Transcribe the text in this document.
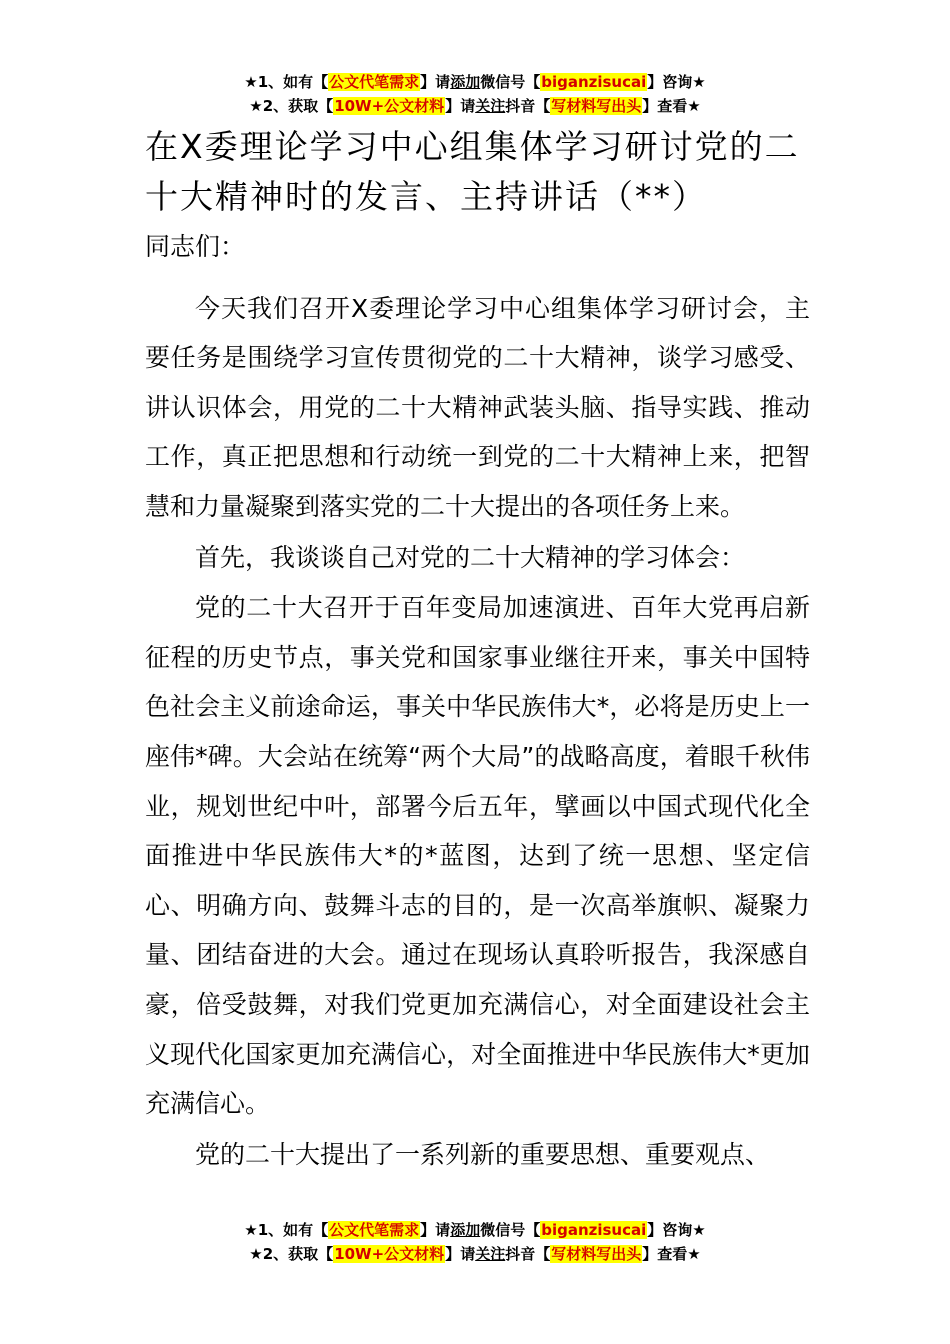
★1、如有【公文代笔需求】请添加微信号【biganzisucai】咨询★
★2、获取【10W+公文材料】请关注抖音【写材料写出头】查看★
在X委理论学习中心组集体学习研讨党的二十大精神时的发言、主持讲话（**）

同志们：

今天我们召开X委理论学习中心组集体学习研讨会，主要任务是围绕学习宣传贯彻党的二十大精神，谈学习感受、讲认识体会，用党的二十大精神武装头脑、指导实践、推动工作，真正把思想和行动统一到党的二十大精神上来，把智慧和力量凝聚到落实党的二十大提出的各项任务上来。

首先，我谈谈自己对党的二十大精神的学习体会：

党的二十大召开于百年变局加速演进、百年大党再启新征程的历史节点，事关党和国家事业继往开来，事关中国特色社会主义前途命运，事关中华民族伟大*，必将是历史上一座伟*碑。大会站在统筹“两个大局”的战略高度，着眼千秋伟业，规划世纪中叶，部署今后五年，擘画以中国式现代化全面推进中华民族伟大*的*蓝图，达到了统一思想、坚定信心、明确方向、鼓舞斗志的目的，是一次高举旗帜、凝聚力量、团结奋进的大会。通过在现场认真聆听报告，我深感自豪，倍受鼓舞，对我们党更加充满信心，对全面建设社会主义现代化国家更加充满信心，对全面推进中华民族伟大*更加充满信心。

党的二十大提出了一系列新的重要思想、重要观点、

★1、如有【公文代笔需求】请添加微信号【biganzisucai】咨询★
★2、获取【10W+公文材料】请关注抖音【写材料写出头】查看★
